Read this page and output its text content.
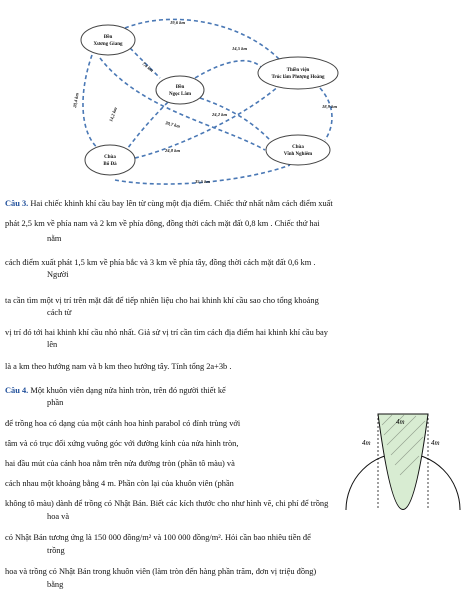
Đền
Xương Giang
Đền
Ngọc Lâm
Thiền viện
Trúc lâm Phượng Hoàng
Chùa
Bổ Đà
Chùa
Vĩnh Nghiêm
19,6 km
7,6 km
14,5 km
20,4 km
14,2 km	24,2 km
18,9 km
30,7 km
24,8 km
35,5 km
Câu 3. Hai chiếc khinh khí cầu bay lên từ cùng một địa điểm. Chiếc thứ nhất nằm cách điểm xuất
phát 2,5 km về phía nam và 2 km về phía đông, đồng thời cách mặt đất 0,8 km . Chiếc thứ hai
nằm
cách điểm xuất phát 1,5 km về phía bắc và 3 km về phía tây, đồng thời cách mặt đất 0,6 km .
Người
ta cần tìm một vị trí trên mặt đất để tiếp nhiên liệu cho hai khinh khí cầu sao cho tổng khoảng
cách từ
vị trí đó tới hai khinh khí cầu nhỏ nhất. Giả sử vị trí cần tìm cách địa điểm hai khinh khí cầu bay
lên
là a km theo hướng nam và b km theo hướng tây. Tính tổng 2a+3b .
Câu 4. Một khuôn viên dạng nửa hình tròn, trên đó người thiết kế
phần
để trồng hoa có dạng của một cánh hoa hình parabol có đỉnh trùng với
tâm và có trục đối xứng vuông góc với đường kính của nửa hình tròn,
hai đầu mút của cánh hoa nằm trên nửa đường tròn (phần tô màu) và
cách nhau một khoảng bằng 4 m. Phần còn lại của khuôn viên (phần
không tô màu) dành để trồng cỏ Nhật Bản. Biết các kích thước cho như hình vẽ, chi phí để trồng
hoa và
cỏ Nhật Bản tương ứng là 150 000 đồng/m² và 100 000 đồng/m². Hỏi cần bao nhiêu tiền để
trồng
hoa và trồng cỏ Nhật Bản trong khuôn viên (làm tròn đến hàng phần trăm, đơn vị triệu đồng)
bằng
4m
4m	4m
